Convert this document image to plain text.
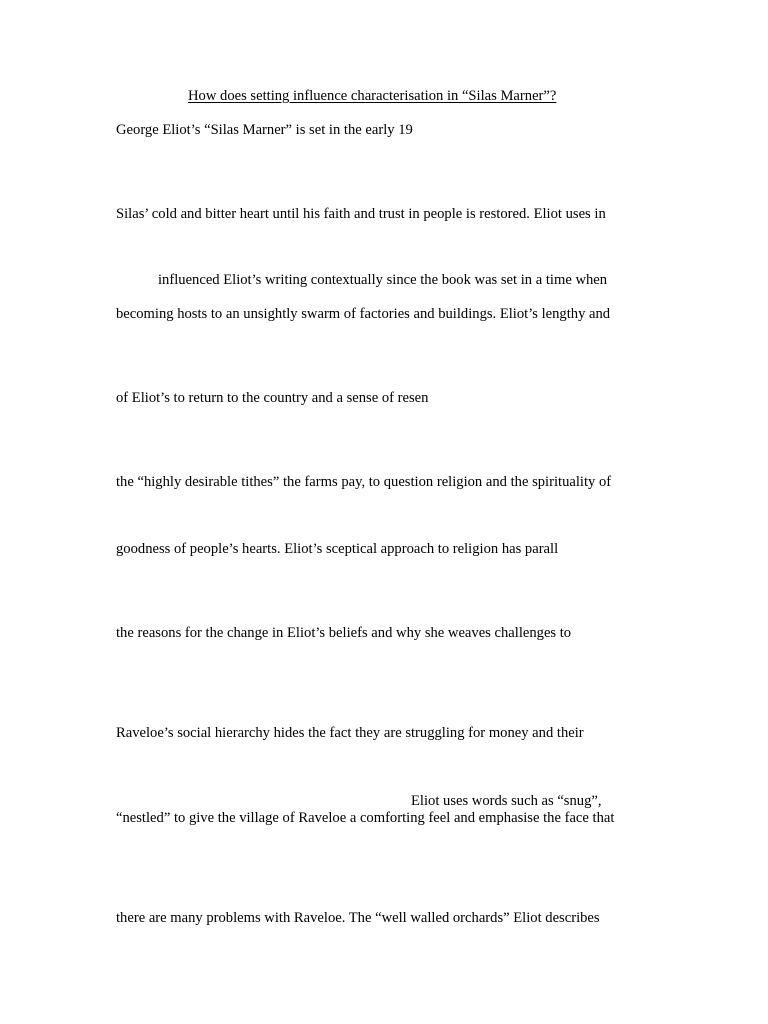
How does setting influence characterisation in “Silas Marner”?
George Eliot’s “Silas Marner” is set in the early 19
Silas’ cold and bitter heart until his faith and trust in people is restored. Eliot uses in
influenced Eliot’s writing contextually since the book was set in a time when
becoming hosts to an unsightly swarm of factories and buildings. Eliot’s lengthy and
of Eliot’s to return to the country and a sense of resen
the “highly desirable tithes” the farms pay, to question religion and the spirituality of
goodness of people’s hearts. Eliot’s sceptical approach to religion has parall
the reasons for the change in Eliot’s beliefs and why she weaves challenges to
Raveloe’s social hierarchy hides the fact they are struggling for money and their
Eliot uses words such as “snug”,
“nestled” to give the village of Raveloe a comforting feel and emphasise the face that
there are many problems with Raveloe. The “well walled orchards” Eliot describes
